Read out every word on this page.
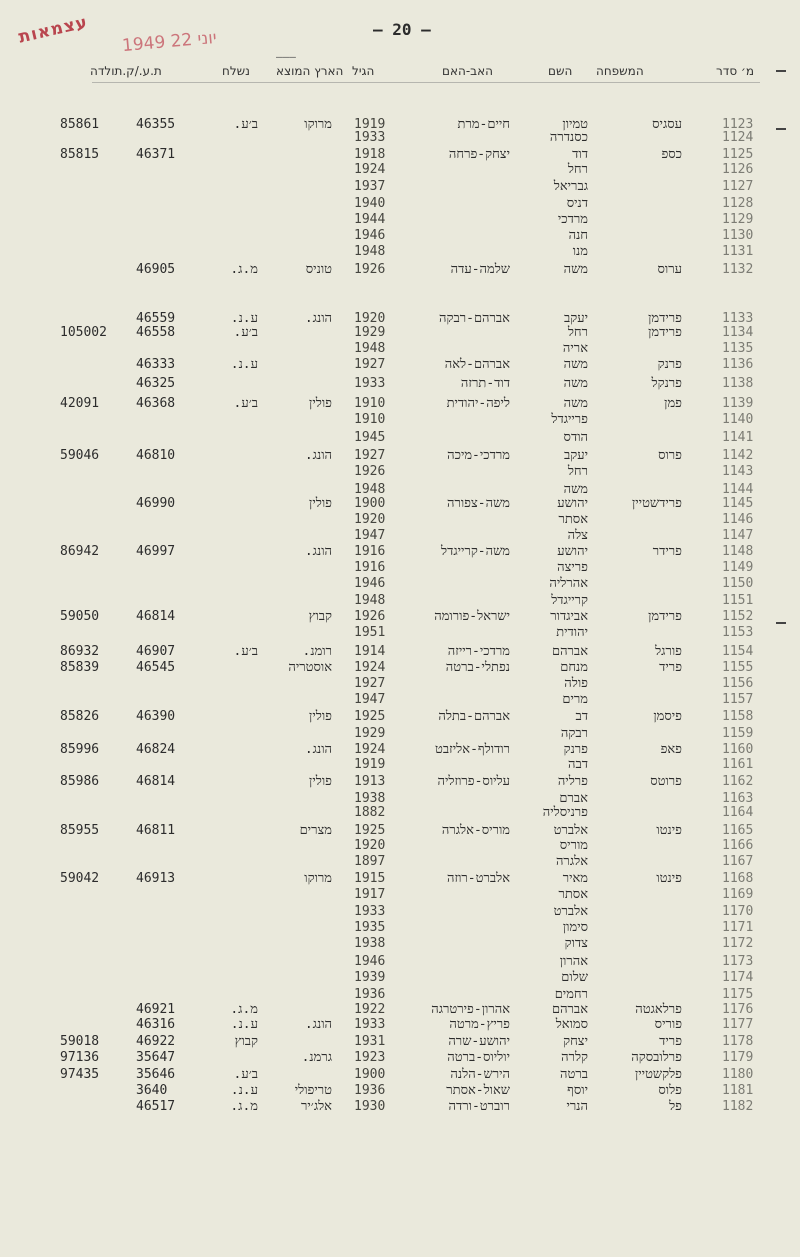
עצמאות 1949 יוני 22	– 20 –
———
מ׳ סדר
המשפחה
השם
האב-האם
הגיל
הארץ המוצא
נשלח
ת.ע./ק.תולדה
1123
עסגיס
טמיון
חיים-מרת
1919
מרוקו
ב׳ע.
46355
85861
1124
כסנדרה
1933
1125
כספ
דוד
יצחק-פרחה
1918
46371
85815
1126
רחל
1924
1127
גבריאל
1937
1128
דניס
1940
1129
מרדכי
1944
1130
חנה
1946
1131
מנו
1948
1132
ערוס
משה
שלמה-עדה
1926
טוניס
מ.ג.
46905
1133
פרידמן
יעקב
אברהם-רבקה
1920
הונג.
ע.נ.
46559
1134
פרידמן
רחל
1929
ב׳ע.
46558
105002
1135
אריה
1948
1136
פרנק
משה
אברהם-לאה
1927
ע.נ.
46333
1138
פרנקל
משה
דוד-תרזה
1933
46325
1139
פמן
משה
ליפה-יהודית
1910
פולין
ב׳ע.
46368
42091
1140
פרייגדל
1910
1141
הודס
1945
1142
פרוס
יעקב
מרדכי-מיכה
1927
הונג.
46810
59046
1143
רחל
1926
1144
משה
1948
1145
פרידשטיין
יהושע
משה-צפורה
1900
פולין
46990
1146
אסתר
1920
1147
צלה
1947
1148
פרידר
יהושע
משה-קרייגדל
1916
הונג.
46997
86942
1149
פריצה
1916
1150
אהרליה
1946
1151
קרייגדל
1948
1152
פרידמן
אביגדור
ישראל-פורומה
1926
קבוץ
46814
59050
1153
יהודית
1951
1154
פורגל
אברהם
מרדכי-רייזה
1914
רומנ.
ב׳ע.
46907
86932
1155
פריד
מנחם
נפתלי-ברטה
1924
אוסטריה
46545
85839
1156
פולה
1927
1157
מרים
1947
1158
פיסמן
דב
אברהם-בתלה
1925
פולין
46390
85826
1159
רבקה
1929
1160
פאפ
פרנק
רודולף-אליזבט
1924
הונג.
46824
85996
1161
דבה
1919
1162
פרוטס
פרליה
עליוס-פרוזליה
1913
פולין
46814
85986
1163
אברם
1938
1164
פרניסליה
1882
1165
פינטו
אלברט
מוריס-אלגרה
1925
מצרים
46811
85955
1166
מוריס
1920
1167
אלגרה
1897
1168
פינטו
מאיר
אלברט-רוזה
1915
מרוקו
46913
59042
1169
אסתר
1917
1170
אלברט
1933
1171
סימון
1935
1172
צדוק
1938
1173
אהרון
1946
1174
שלום
1939
1175
רחמים
1936
1176
פרלאגטה
אברהם
אהרון-פירטרגה
1922
מ.ג.
46921
1177
פוריס
סמואל
פריץ-מרטה
1933
הונג.
ע.נ.
46316
1178
פריד
יצחק
יהושע-שרה
1931
קבוץ
46922
59018
1179
פרלובסקה
קלרה
יוליוס-ברטה
1923
גרמנ.
35647
97136
1180
פלקשטיין
ברטה
הירש-הלנה
1900
ב׳ע.
35646
97435
1181
פלוס
יוסף
שאול-אסתר
1936
טריפולי
ע.נ.
3640
1182
פל
הנרי
רוברט-ורדה
1930
אלג׳יר
מ.ג.
46517
